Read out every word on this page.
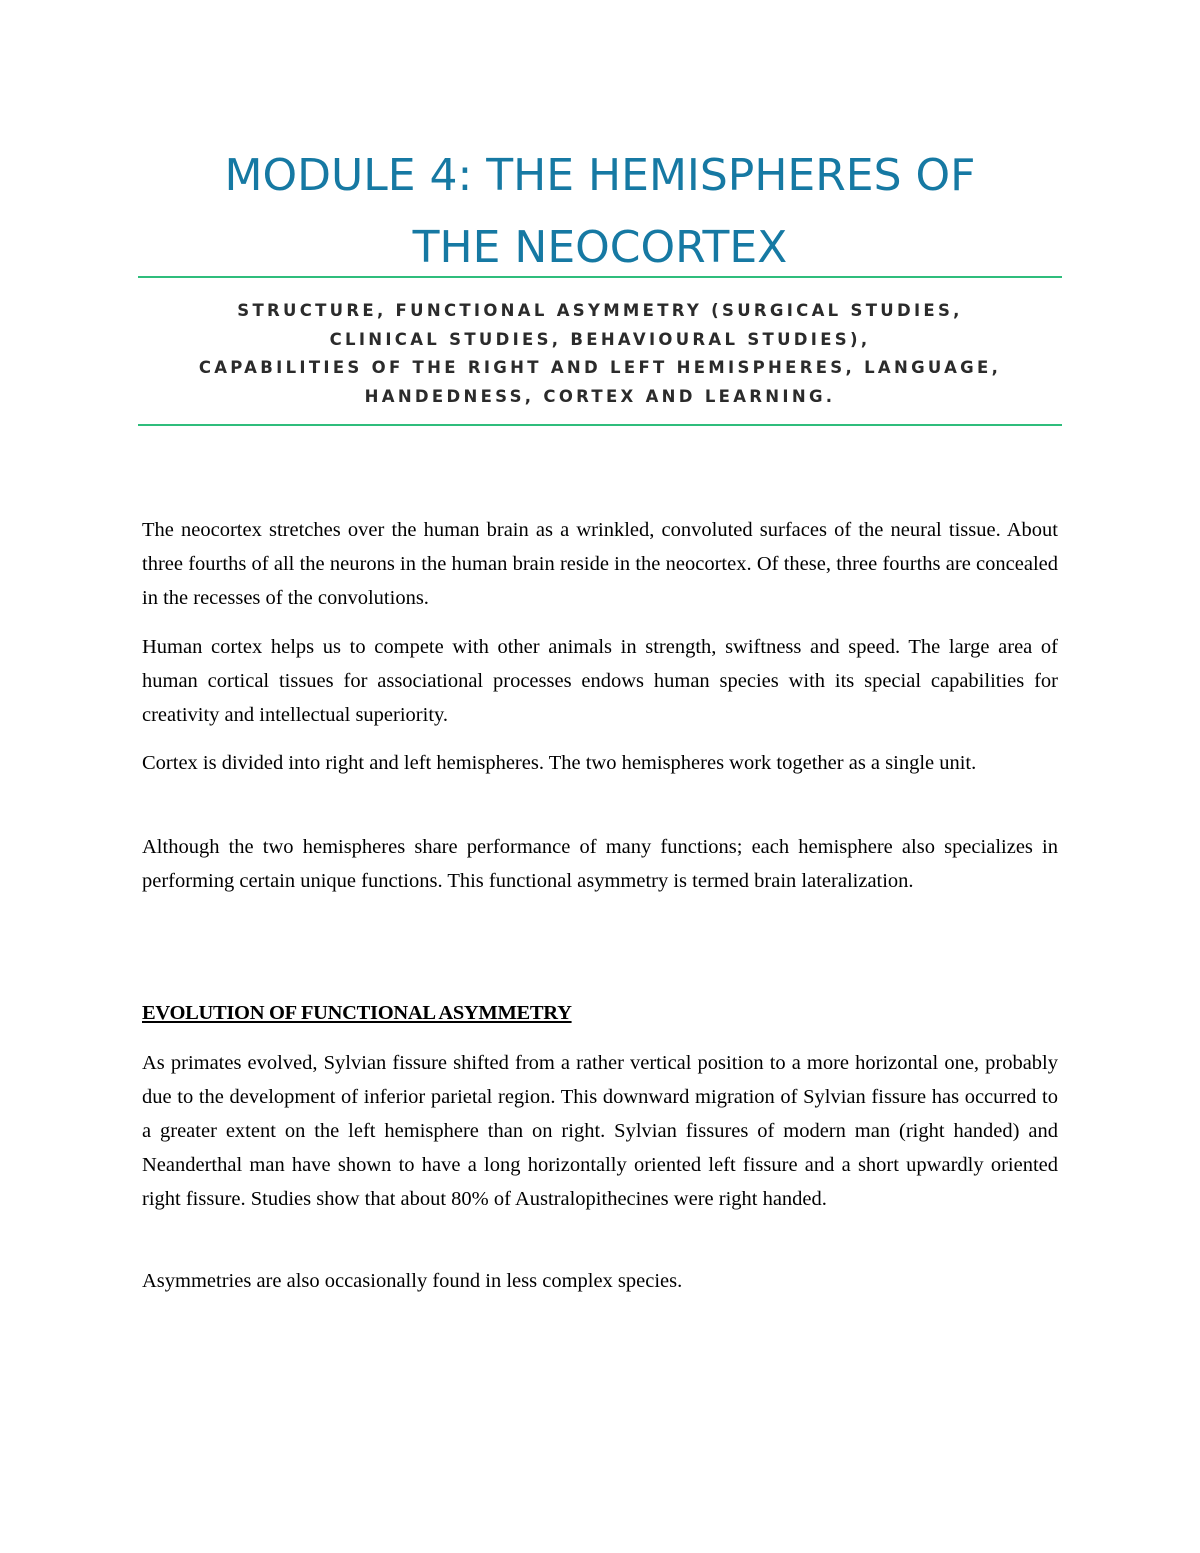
MODULE 4: THE HEMISPHERES OF
THE NEOCORTEX
STRUCTURE, FUNCTIONAL ASYMMETRY (SURGICAL STUDIES,
CLINICAL STUDIES, BEHAVIOURAL STUDIES),
CAPABILITIES OF THE RIGHT AND LEFT HEMISPHERES, LANGUAGE,
HANDEDNESS, CORTEX AND LEARNING.

The neocortex stretches over the human brain as a wrinkled, convoluted surfaces of the neural tissue. About three fourths of all the neurons in the human brain reside in the neocortex. Of these, three fourths are concealed in the recesses of the convolutions.

Human cortex helps us to compete with other animals in strength, swiftness and speed. The large area of human cortical tissues for associational processes endows human species with its special capabilities for creativity and intellectual superiority.

Cortex is divided into right and left hemispheres. The two hemispheres work together as a single unit.

Although the two hemispheres share performance of many functions; each hemisphere also specializes in performing certain unique functions. This functional asymmetry is termed brain lateralization.

EVOLUTION OF FUNCTIONAL ASYMMETRY

As primates evolved, Sylvian fissure shifted from a rather vertical position to a more horizontal one, probably due to the development of inferior parietal region. This downward migration of Sylvian fissure has occurred to a greater extent on the left hemisphere than on right. Sylvian fissures of modern man (right handed) and Neanderthal man have shown to have a long horizontally oriented left fissure and a short upwardly oriented right fissure. Studies show that about 80% of Australopithecines were right handed.

Asymmetries are also occasionally found in less complex species.
